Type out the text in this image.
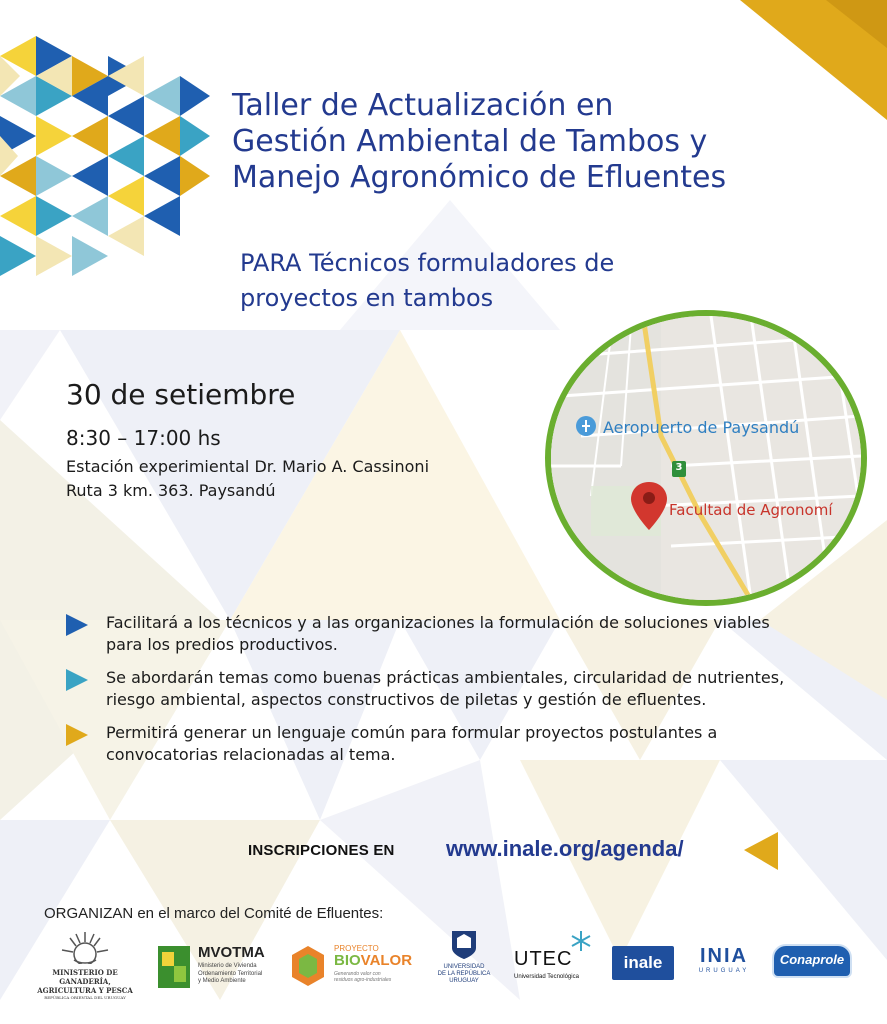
Taller de Actualización en
Gestión Ambiental de Tambos y
Manejo Agronómico de Efluentes
PARA Técnicos formuladores de
proyectos en tambos
30 de setiembre
8:30 – 17:00 hs
Estación experimiental Dr. Mario A. Cassinoni
Ruta 3 km. 363. Paysandú
Aeropuerto de Paysandú
3
Facultad de Agronomí
Facilitará a los técnicos y a las organizaciones la formulación de soluciones viables para los predios productivos.
Se abordarán temas como buenas prácticas ambientales, circularidad de nutrientes, riesgo ambiental, aspectos constructivos de piletas y gestión de efluentes.
Permitirá generar un lenguaje común para formular proyectos postulantes a convocatorias relacionadas al tema.
INSCRIPCIONES EN www.inale.org/agenda/
ORGANIZAN en el marco del Comité de Efluentes:
MINISTERIO DE GANADERÍA,
AGRICULTURA Y PESCA
REPÚBLICA ORIENTAL DEL URUGUAY
MVOTMA
Ministerio de Vivienda
Ordenamiento Territorial
y Medio Ambiente
PROYECTO
BIOVALOR
Generando valor con
residuos agro-industriales
UNIVERSIDAD
DE LA REPÚBLICA
URUGUAY
UTEC
Universidad Tecnológica
inale	INIA
URUGUAY
Conaprole
